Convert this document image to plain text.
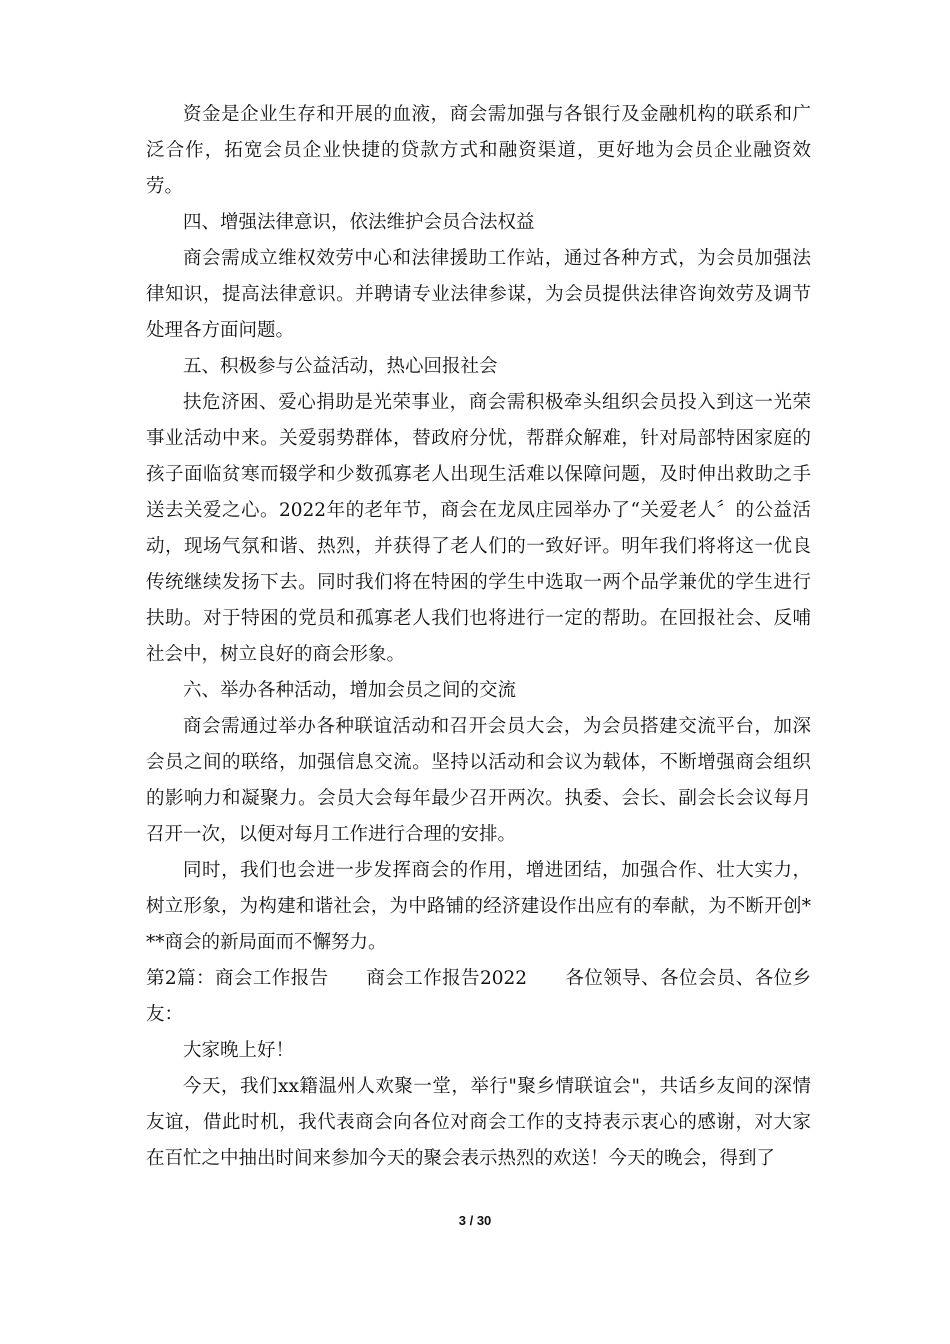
资金是企业生存和开展的血液，商会需加强与各银行及金融机构的联系和广泛合作，拓宽会员企业快捷的贷款方式和融资渠道，更好地为会员企业融资效劳。

四、增强法律意识，依法维护会员合法权益

商会需成立维权效劳中心和法律援助工作站，通过各种方式，为会员加强法律知识，提高法律意识。并聘请专业法律参谋，为会员提供法律咨询效劳及调节处理各方面问题。

五、积极参与公益活动，热心回报社会

扶危济困、爱心捐助是光荣事业，商会需积极牵头组织会员投入到这一光荣事业活动中来。关爱弱势群体，替政府分忧，帮群众解难，针对局部特困家庭的孩子面临贫寒而辍学和少数孤寡老人出现生活难以保障问题，及时伸出救助之手送去关爱之心。2022年的老年节，商会在龙凤庄园举办了“关爱老人〞的公益活动，现场气氛和谐、热烈，并获得了老人们的一致好评。明年我们将将这一优良传统继续发扬下去。同时我们将在特困的学生中选取一两个品学兼优的学生进行扶助。对于特困的党员和孤寡老人我们也将进行一定的帮助。在回报社会、反哺社会中，树立良好的商会形象。

六、举办各种活动，增加会员之间的交流

商会需通过举办各种联谊活动和召开会员大会，为会员搭建交流平台，加深会员之间的联络，加强信息交流。坚持以活动和会议为载体，不断增强商会组织的影响力和凝聚力。会员大会每年最少召开两次。执委、会长、副会长会议每月召开一次，以便对每月工作进行合理的安排。

同时，我们也会进一步发挥商会的作用，增进团结，加强合作、壮大实力，树立形象，为构建和谐社会，为中路铺的经济建设作出应有的奉献，为不断开创***商会的新局面而不懈努力。

第2篇：商会工作报告　　商会工作报告2022　　各位领导、各位会员、各位乡友：

大家晚上好！

今天，我们xx籍温州人欢聚一堂，举行"聚乡情联谊会"，共话乡友间的深情友谊，借此时机，我代表商会向各位对商会工作的支持表示衷心的感谢，对大家在百忙之中抽出时间来参加今天的聚会表示热烈的欢送！今天的晚会，得到了

3 / 30
